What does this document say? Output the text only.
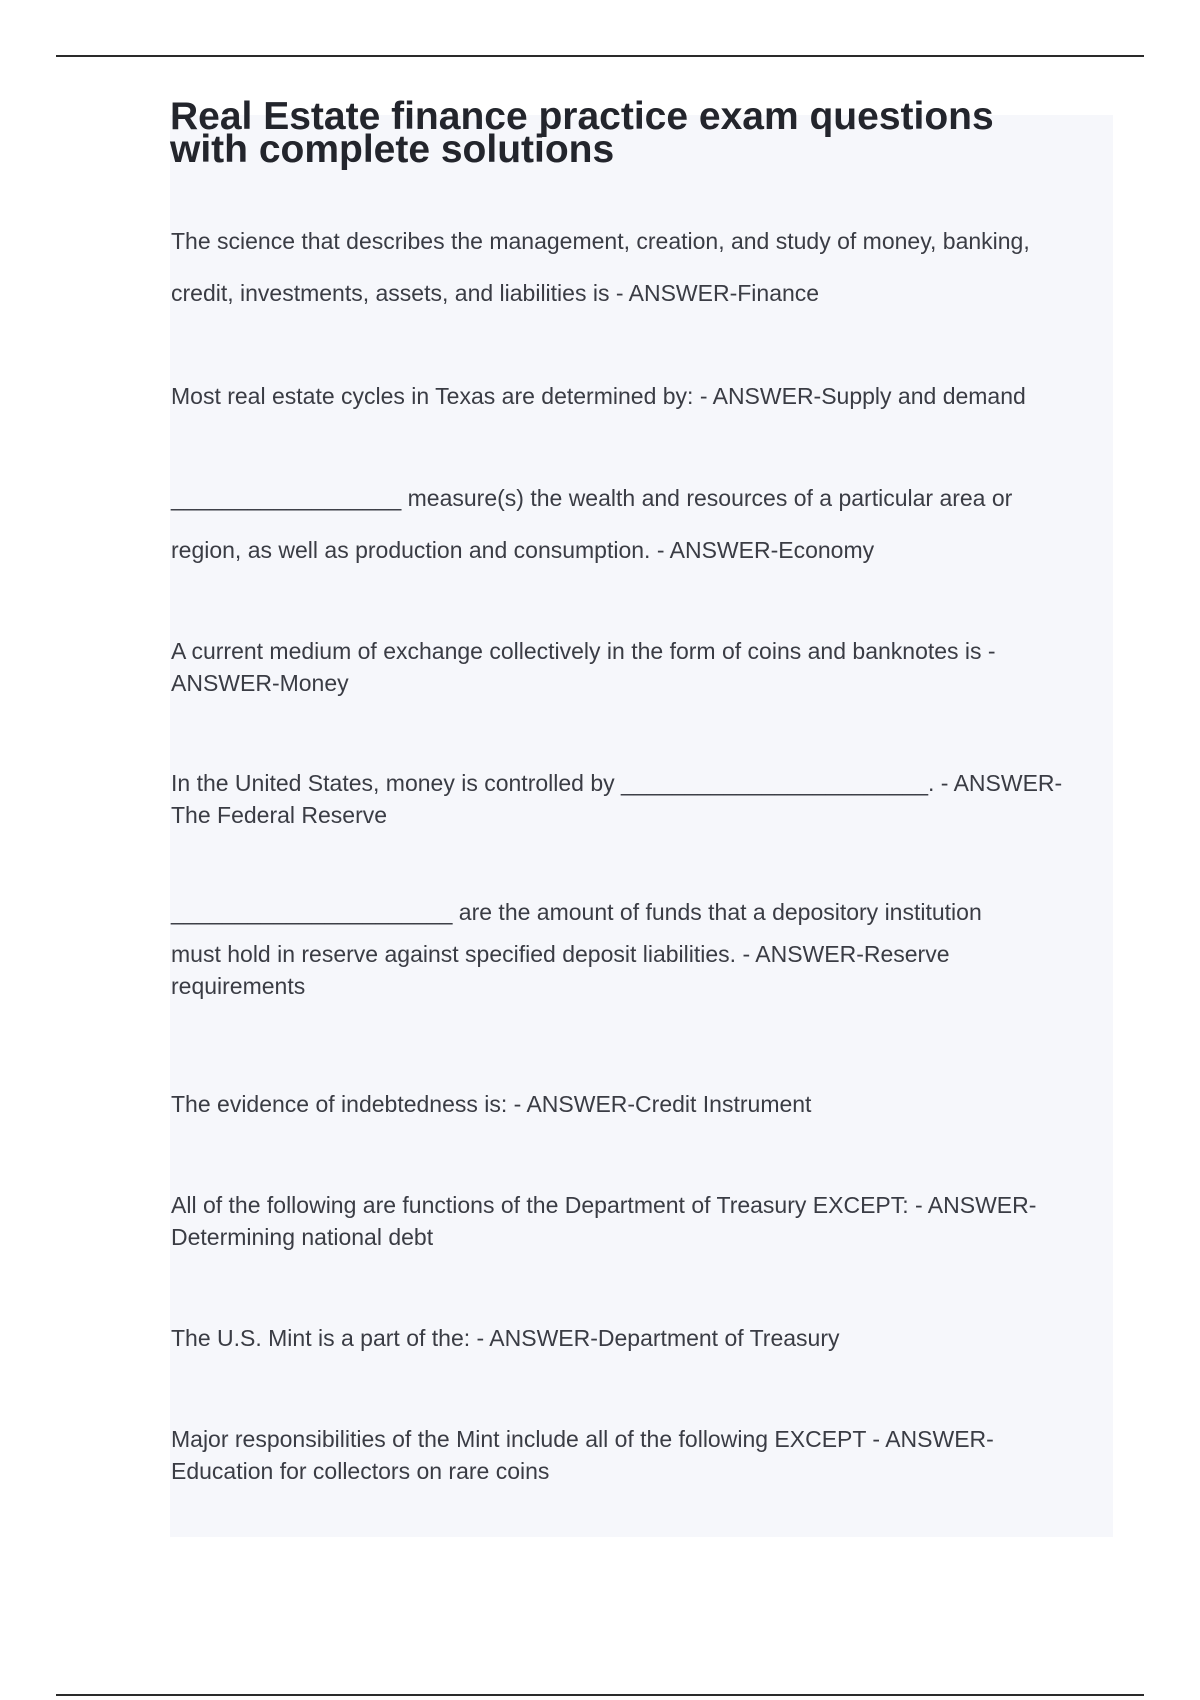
Real Estate finance practice exam questions
with complete solutions

The science that describes the management, creation, and study of money, banking,
credit, investments, assets, and liabilities is - ANSWER-Finance

Most real estate cycles in Texas are determined by: - ANSWER-Supply and demand

__________________ measure(s) the wealth and resources of a particular area or
region, as well as production and consumption. - ANSWER-Economy

A current medium of exchange collectively in the form of coins and banknotes is -
ANSWER-Money

In the United States, money is controlled by ________________________. - ANSWER-
The Federal Reserve

______________________ are the amount of funds that a depository institution
must hold in reserve against specified deposit liabilities. - ANSWER-Reserve
requirements

The evidence of indebtedness is: - ANSWER-Credit Instrument

All of the following are functions of the Department of Treasury EXCEPT: - ANSWER-
Determining national debt

The U.S. Mint is a part of the: - ANSWER-Department of Treasury

Major responsibilities of the Mint include all of the following EXCEPT - ANSWER-
Education for collectors on rare coins
